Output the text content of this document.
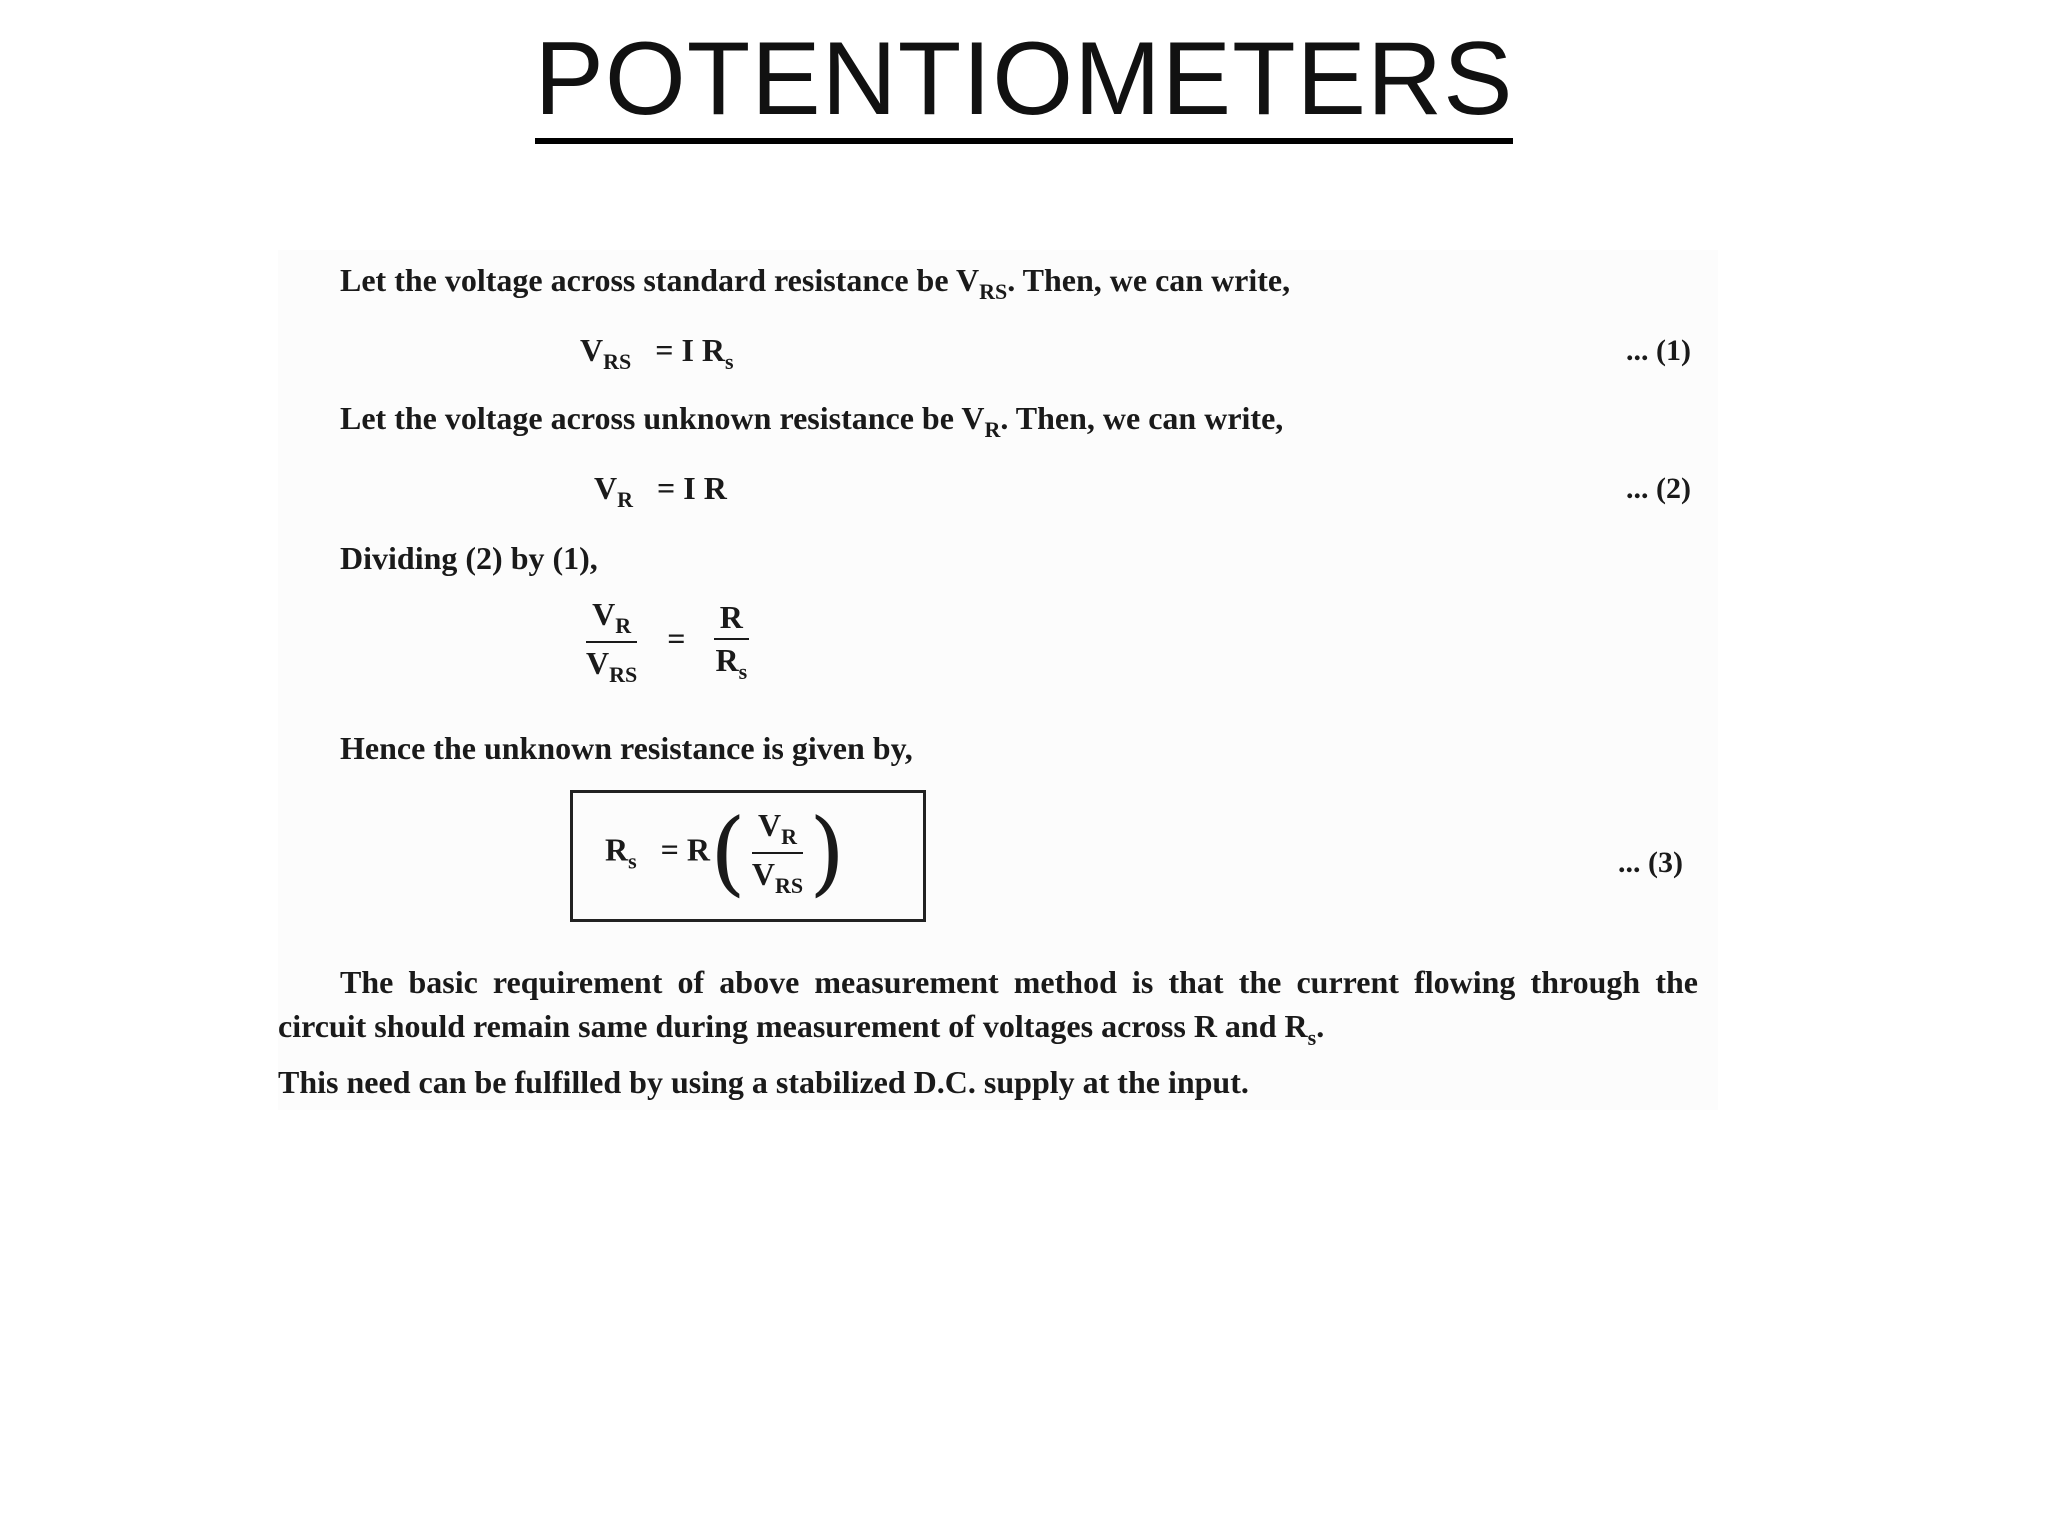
POTENTIOMETERS
Let the voltage across standard resistance be $V_{RS}$. Then, we can write,
$V_{RS} = I$ $R_s$	... (1)
Let the voltage across unknown resistance be $V_R$. Then, we can write,
$V_R = I$ R	... (2)
Dividing (2) by (1),
$\frac{V_R}{V_{RS}} = \frac{R}{R_s}$
Hence the unknown resistance is given by,
$R_s = R( \frac{V_R}{V_{RS}}$ )	... (3)

The basic requirement of above measurement method is that the current flowing through the circuit should remain same during measurement of voltages across R and $R_s$.

This need can be fulfilled by using a stabilized D.C. supply at the input.
